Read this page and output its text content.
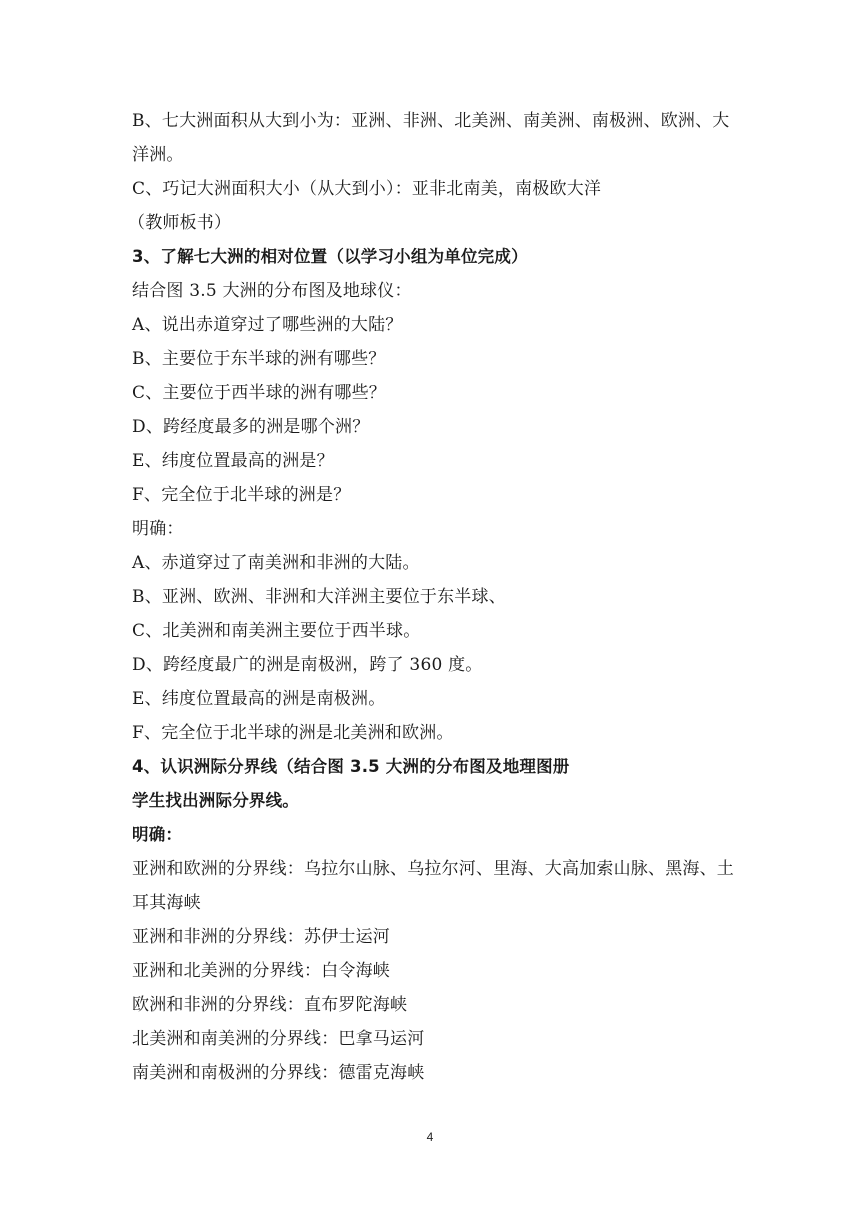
B、七大洲面积从大到小为：亚洲、非洲、北美洲、南美洲、南极洲、欧洲、大
洋洲。
C、巧记大洲面积大小（从大到小）：亚非北南美，南极欧大洋
（教师板书）
3、了解七大洲的相对位置（以学习小组为单位完成）
结合图 3.5 大洲的分布图及地球仪：
A、说出赤道穿过了哪些洲的大陆？
B、主要位于东半球的洲有哪些？
C、主要位于西半球的洲有哪些？
D、跨经度最多的洲是哪个洲？
E、纬度位置最高的洲是？
F、完全位于北半球的洲是？
明确：
A、赤道穿过了南美洲和非洲的大陆。
B、亚洲、欧洲、非洲和大洋洲主要位于东半球、
C、北美洲和南美洲主要位于西半球。
D、跨经度最广的洲是南极洲，跨了 360 度。
E、纬度位置最高的洲是南极洲。
F、完全位于北半球的洲是北美洲和欧洲。
4、认识洲际分界线（结合图 3.5 大洲的分布图及地理图册
学生找出洲际分界线。
明确：
亚洲和欧洲的分界线：乌拉尔山脉、乌拉尔河、里海、大高加索山脉、黑海、土
耳其海峡
亚洲和非洲的分界线：苏伊士运河
亚洲和北美洲的分界线：白令海峡
欧洲和非洲的分界线：直布罗陀海峡
北美洲和南美洲的分界线：巴拿马运河
南美洲和南极洲的分界线：德雷克海峡
4
